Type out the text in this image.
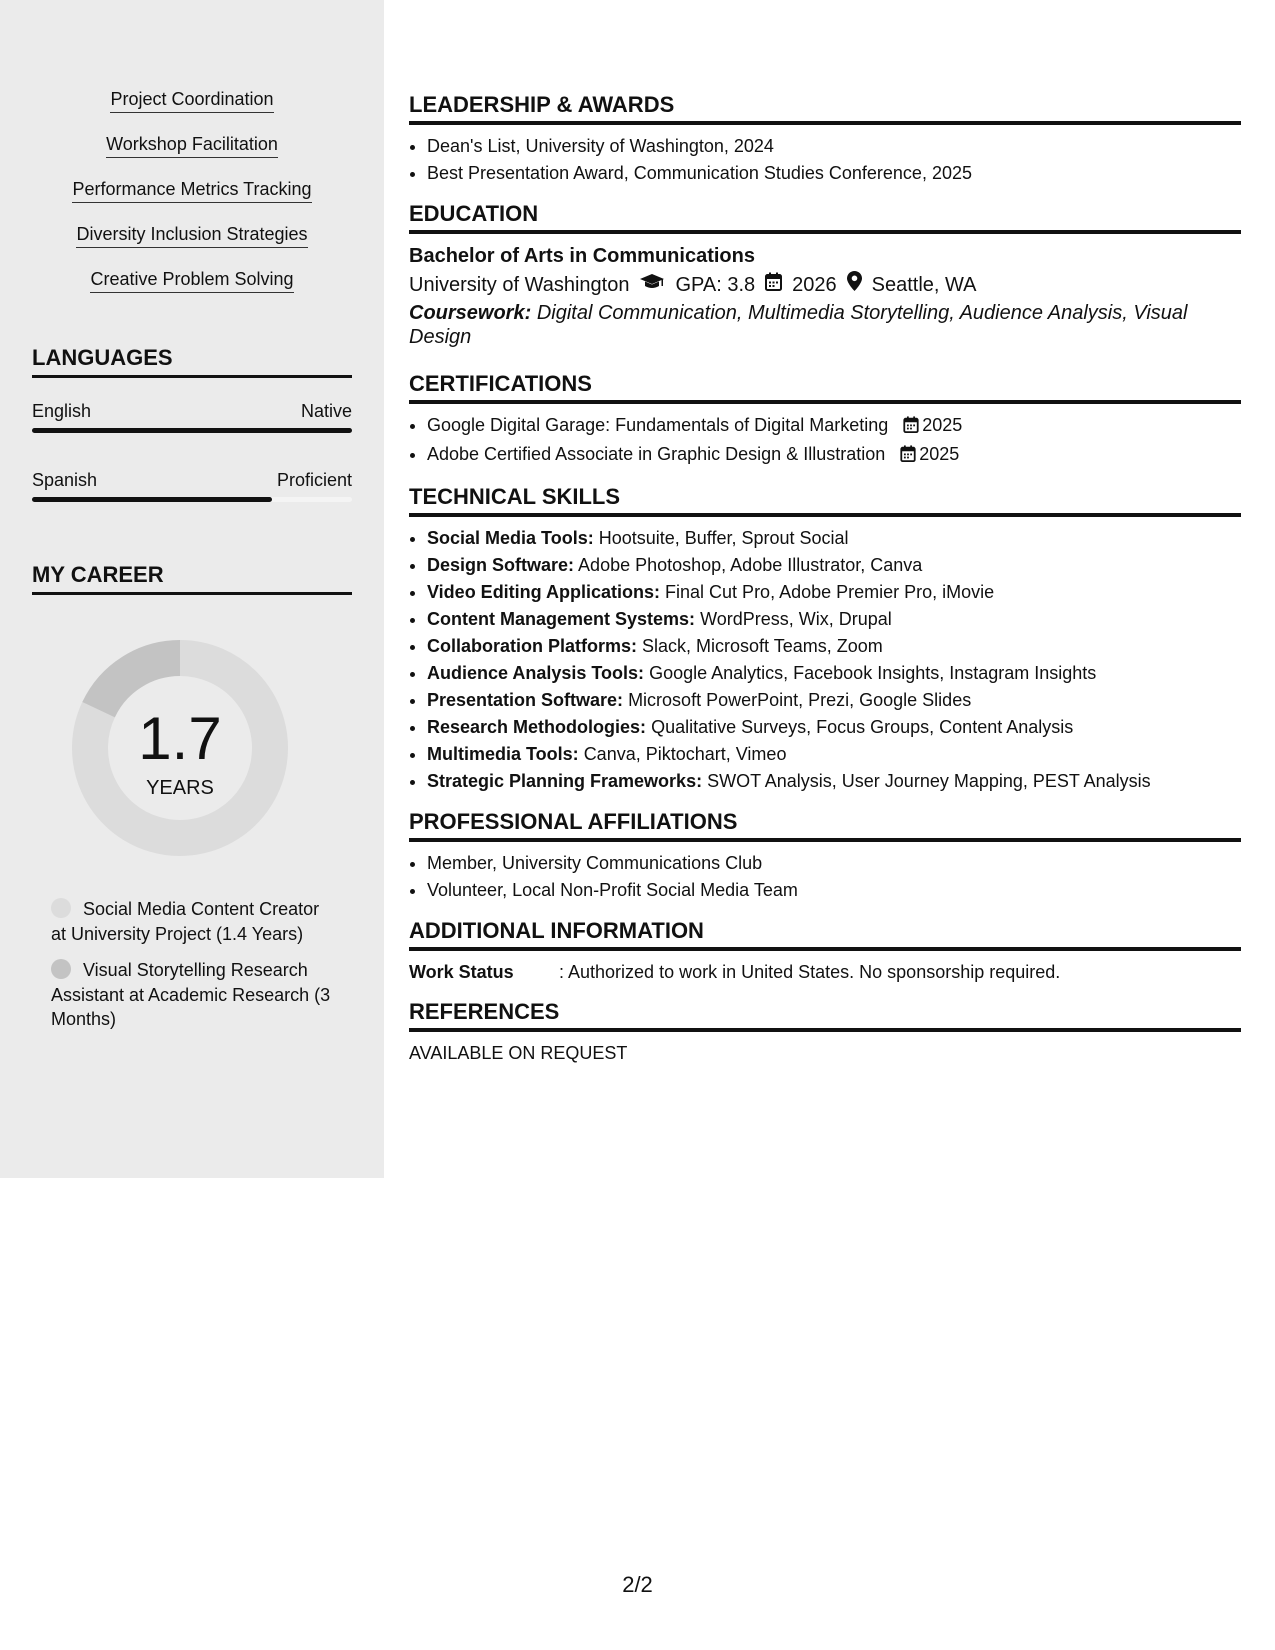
Project Coordination
Workshop Facilitation
Performance Metrics Tracking
Diversity Inclusion Strategies
Creative Problem Solving
LANGUAGES
English	Native
Spanish	Proficient
MY CAREER
1.7
YEARS
Social Media Content Creator at University Project (1.4 Years)
Visual Storytelling Research Assistant at Academic Research (3 Months)
LEADERSHIP & AWARDS
• Dean's List, University of Washington, 2024
• Best Presentation Award, Communication Studies Conference, 2025
EDUCATION
Bachelor of Arts in Communications
University of Washington GPA: 3.8 2026 Seattle, WA
Coursework: Digital Communication, Multimedia Storytelling, Audience Analysis, Visual Design
CERTIFICATIONS
• Google Digital Garage: Fundamentals of Digital Marketing 2025
• Adobe Certified Associate in Graphic Design & Illustration 2025
TECHNICAL SKILLS
• Social Media Tools: Hootsuite, Buffer, Sprout Social
• Design Software: Adobe Photoshop, Adobe Illustrator, Canva
• Video Editing Applications: Final Cut Pro, Adobe Premier Pro, iMovie
• Content Management Systems: WordPress, Wix, Drupal
• Collaboration Platforms: Slack, Microsoft Teams, Zoom
• Audience Analysis Tools: Google Analytics, Facebook Insights, Instagram Insights
• Presentation Software: Microsoft PowerPoint, Prezi, Google Slides
• Research Methodologies: Qualitative Surveys, Focus Groups, Content Analysis
• Multimedia Tools: Canva, Piktochart, Vimeo
• Strategic Planning Frameworks: SWOT Analysis, User Journey Mapping, PEST Analysis
PROFESSIONAL AFFILIATIONS
• Member, University Communications Club
• Volunteer, Local Non-Profit Social Media Team
ADDITIONAL INFORMATION
Work Status	: Authorized to work in United States. No sponsorship required.
REFERENCES
AVAILABLE ON REQUEST
2/2
